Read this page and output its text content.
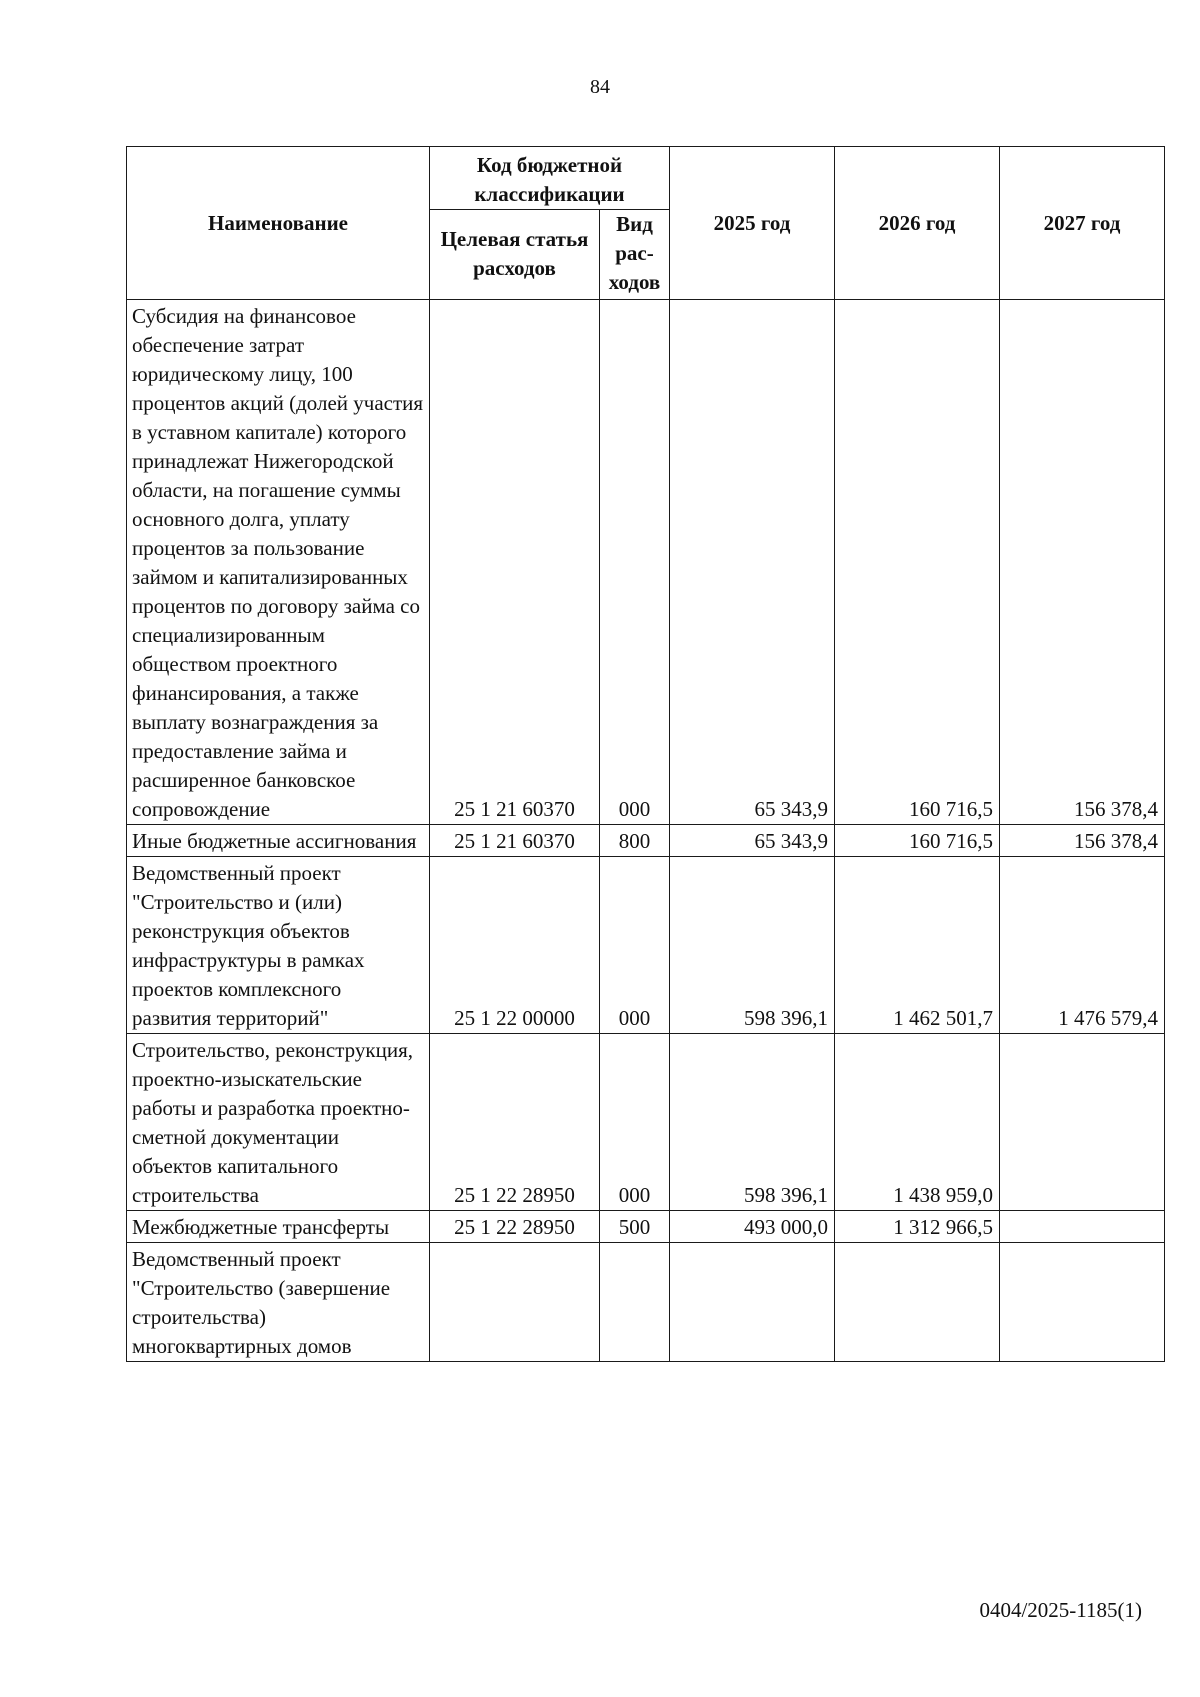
84
Наименование	Код бюджетной классификации		2025 год	2026 год	2027 год
	Целевая статья расходов	Вид рас-ходов			
Субсидия на финансовое обеспечение затрат юридическому лицу, 100 процентов акций (долей участия в уставном капитале) которого принадлежат Нижегородской области, на погашение суммы основного долга, уплату процентов за пользование займом и капитализированных процентов по договору займа со специализированным обществом проектного финансирования, а также выплату вознаграждения за предоставление займа и расширенное банковское сопровождение	25 1 21 60370	000	65 343,9	160 716,5	156 378,4
Иные бюджетные ассигнования	25 1 21 60370	800	65 343,9	160 716,5	156 378,4
Ведомственный проект "Строительство и (или) реконструкция объектов инфраструктуры в рамках проектов комплексного развития территорий"	25 1 22 00000	000	598 396,1	1 462 501,7	1 476 579,4
Строительство, реконструкция, проектно-изыскательские работы и разработка проектно-сметной документации объектов капитального строительства	25 1 22 28950	000	598 396,1	1 438 959,0	
Межбюджетные трансферты	25 1 22 28950	500	493 000,0	1 312 966,5	
Ведомственный проект "Строительство (завершение строительства) многоквартирных домов					
0404/2025-1185(1)
